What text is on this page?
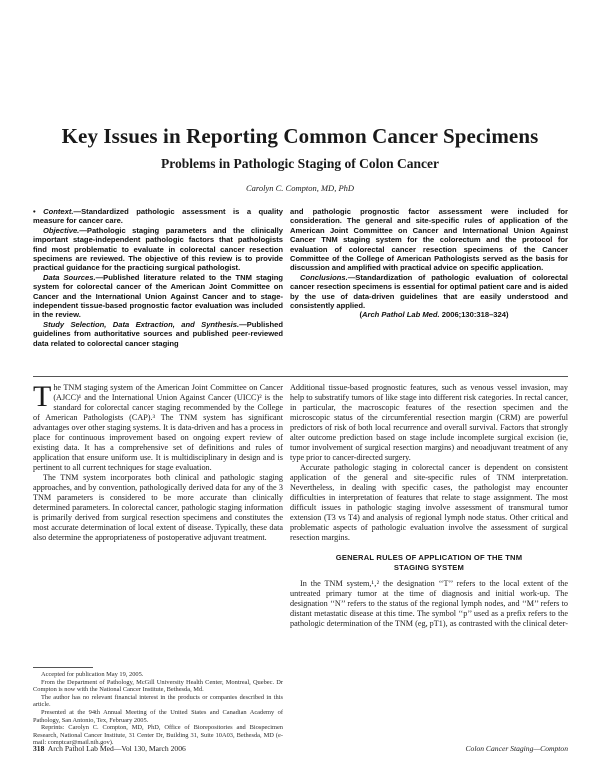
Key Issues in Reporting Common Cancer Specimens
Problems in Pathologic Staging of Colon Cancer
Carolyn C. Compton, MD, PhD

• Context.—Standardized pathologic assessment is a quality measure for cancer care.

Objective.—Pathologic staging parameters and the clinically important stage-independent pathologic factors that pathologists find most problematic to evaluate in colorectal cancer resection specimens are reviewed. The objective of this review is to provide practical guidance for the practicing surgical pathologist.

Data Sources.—Published literature related to the TNM staging system for colorectal cancer of the American Joint Committee on Cancer and the International Union Against Cancer and to stage-independent tissue-based prognostic factor evaluation was included in the review.

Study Selection, Data Extraction, and Synthesis.—Published guidelines from authoritative sources and published peer-reviewed data related to colorectal cancer staging

and pathologic prognostic factor assessment were included for consideration. The general and site-specific rules of application of the American Joint Committee on Cancer and International Union Against Cancer TNM staging system for the colorectum and the protocol for evaluation of colorectal cancer resection specimens of the Cancer Committee of the College of American Pathologists served as the basis for discussion and amplified with practical advice on specific application.

Conclusions.—Standardization of pathologic evaluation of colorectal cancer resection specimens is essential for optimal patient care and is aided by the use of data-driven guidelines that are easily understood and consistently applied.

(Arch Pathol Lab Med. 2006;130:318–324)

The TNM staging system of the American Joint Committee on Cancer (AJCC)¹ and the International Union Against Cancer (UICC)² is the standard for colorectal cancer staging recommended by the College of American Pathologists (CAP).³ The TNM system has significant advantages over other staging systems. It is data-driven and has a process in place for continuous improvement based on ongoing expert review of existing data. It has a comprehensive set of definitions and rules of application that ensure uniform use. It is multidisciplinary in design and is pertinent to all current techniques for stage evaluation.

The TNM system incorporates both clinical and pathologic staging approaches, and by convention, pathologically derived data for any of the 3 TNM parameters is considered to be more accurate than clinically determined parameters. In colorectal cancer, pathologic staging information is primarily derived from surgical resection specimens and constitutes the most accurate determination of local extent of disease. Typically, these data also determine the appropriateness of postoperative adjuvant treatment.

Additional tissue-based prognostic features, such as venous vessel invasion, may help to substratify tumors of like stage into different risk categories. In rectal cancer, in particular, the macroscopic features of the resection specimen and the microscopic status of the circumferential resection margin (CRM) are powerful predictors of risk of both local recurrence and overall survival. Factors that strongly alter outcome prediction based on stage include incomplete surgical excision (ie, tumor involvement of surgical resection margins) and neoadjuvant treatment of any type prior to cancer-directed surgery.

Accurate pathologic staging in colorectal cancer is dependent on consistent application of the general and site-specific rules of TNM interpretation. Nevertheless, in dealing with specific cases, the pathologist may encounter difficulties in interpretation of features that relate to stage assignment. The most difficult issues in pathologic staging involve assessment of transmural tumor extension (T3 vs T4) and analysis of regional lymph node status. Other critical and problematic aspects of pathologic evaluation involve the assessment of surgical resection margins.

GENERAL RULES OF APPLICATION OF THE TNM
STAGING SYSTEM

In the TNM system,¹‚² the designation ‘‘T’’ refers to the local extent of the untreated primary tumor at the time of diagnosis and initial work-up. The designation ‘‘N’’ refers to the status of the regional lymph nodes, and ‘‘M’’ refers to distant metastatic disease at this time. The symbol ‘‘p’’ used as a prefix refers to the pathologic determination of the TNM (eg, pT1), as contrasted with the clinical deter-

Accepted for publication May 19, 2005.

From the Department of Pathology, McGill University Health Center, Montreal, Quebec. Dr Compton is now with the National Cancer Institute, Bethesda, Md.

The author has no relevant financial interest in the products or companies described in this article.

Presented at the 94th Annual Meeting of the United States and Canadian Academy of Pathology, San Antonio, Tex, February 2005.

Reprints: Carolyn C. Compton, MD, PhD, Office of Biorepositories and Biospecimen Research, National Cancer Institute, 31 Center Dr, Building 31, Suite 10A03, Bethesda, MD (e-mail: comptcar@mail.nih.gov).

318 Arch Pathol Lab Med—Vol 130, March 2006	Colon Cancer Staging—Compton
